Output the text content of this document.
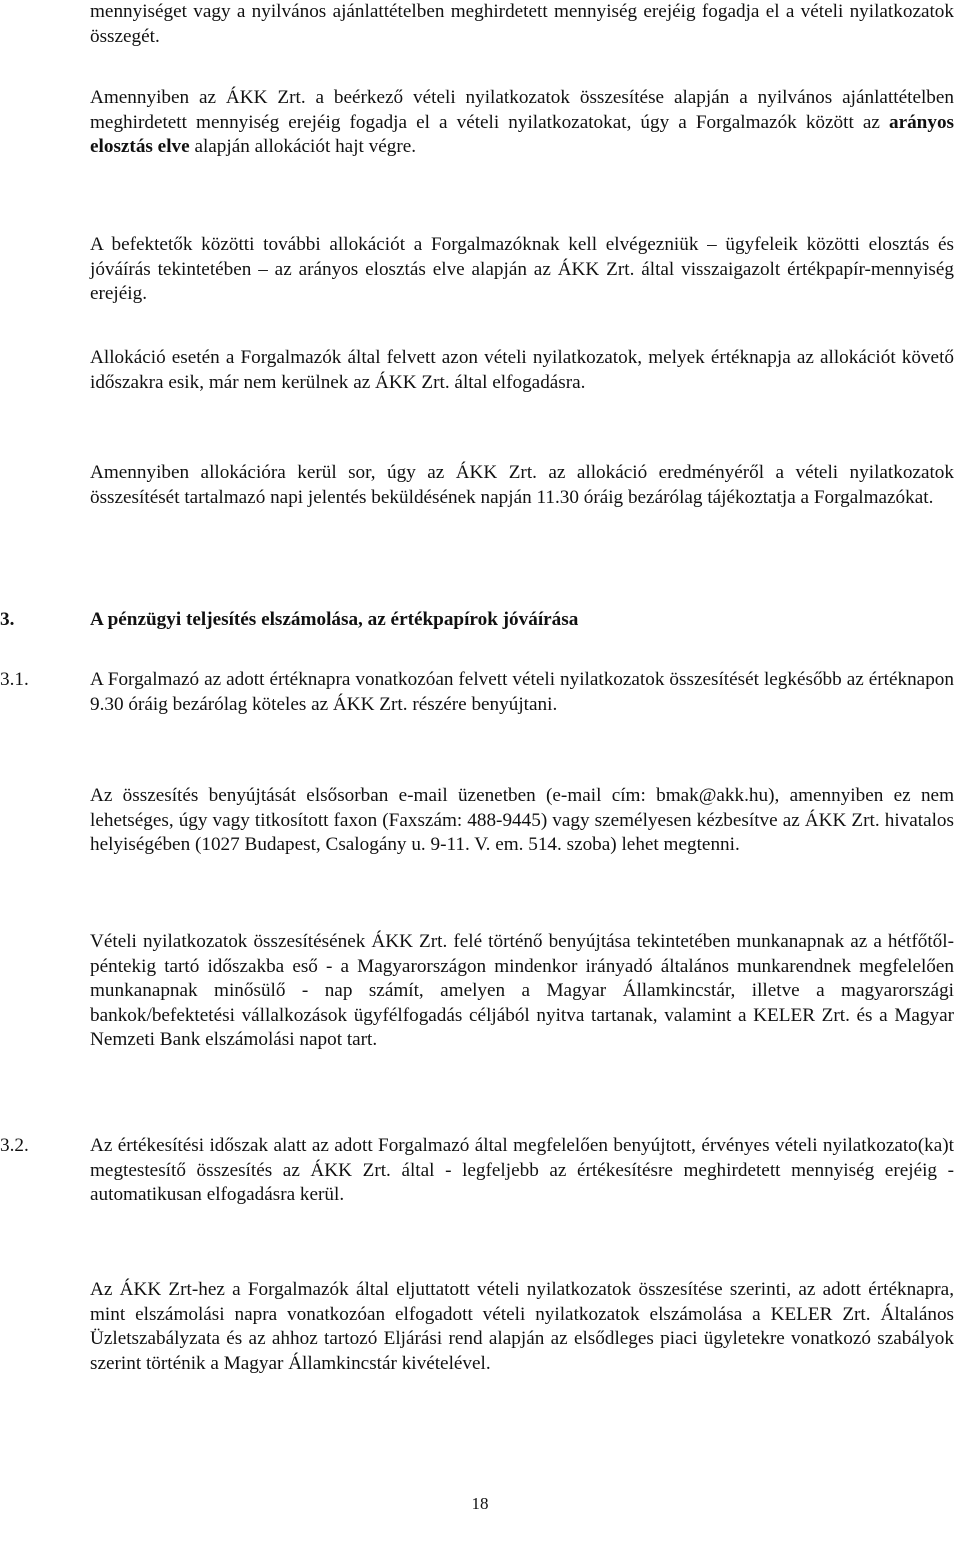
mennyiséget vagy a nyilvános ajánlattételben meghirdetett mennyiség erejéig fogadja el a vételi nyilatkozatok összegét.

Amennyiben az ÁKK Zrt. a beérkező vételi nyilatkozatok összesítése alapján a nyilvános ajánlattételben meghirdetett mennyiség erejéig fogadja el a vételi nyilatkozatokat, úgy a Forgalmazók között az arányos elosztás elve alapján allokációt hajt végre.

A befektetők közötti további allokációt a Forgalmazóknak kell elvégezniük – ügyfeleik közötti elosztás és jóváírás tekintetében – az arányos elosztás elve alapján az ÁKK Zrt. által visszaigazolt értékpapír-mennyiség erejéig.

Allokáció esetén a Forgalmazók által felvett azon vételi nyilatkozatok, melyek értéknapja az allokációt követő időszakra esik, már nem kerülnek az ÁKK Zrt. által elfogadásra.

Amennyiben allokációra kerül sor, úgy az ÁKK Zrt. az allokáció eredményéről a vételi nyilatkozatok összesítését tartalmazó napi jelentés beküldésének napján 11.30 óráig bezárólag tájékoztatja a Forgalmazókat.

3.	A pénzügyi teljesítés elszámolása, az értékpapírok jóváírása

3.1.	A Forgalmazó az adott értéknapra vonatkozóan felvett vételi nyilatkozatok összesítését legkésőbb az értéknapon 9.30 óráig bezárólag köteles az ÁKK Zrt. részére benyújtani.

Az összesítés benyújtását elsősorban e-mail üzenetben (e-mail cím: bmak@akk.hu), amennyiben ez nem lehetséges, úgy vagy titkosított faxon (Faxszám: 488-9445) vagy személyesen kézbesítve az ÁKK Zrt. hivatalos helyiségében (1027 Budapest, Csalogány u. 9-11. V. em. 514. szoba) lehet megtenni.

Vételi nyilatkozatok összesítésének ÁKK Zrt. felé történő benyújtása tekintetében munkanapnak az a hétfőtől-péntekig tartó időszakba eső - a Magyarországon mindenkor irányadó általános munkarendnek megfelelően munkanapnak minősülő - nap számít, amelyen a Magyar Államkincstár, illetve a magyarországi bankok/befektetési vállalkozások ügyfélfogadás céljából nyitva tartanak, valamint a KELER Zrt. és a Magyar Nemzeti Bank elszámolási napot tart.

3.2.	Az értékesítési időszak alatt az adott Forgalmazó által megfelelően benyújtott, érvényes vételi nyilatkozato(ka)t megtestesítő összesítés az ÁKK Zrt. által - legfeljebb az értékesítésre meghirdetett mennyiség erejéig - automatikusan elfogadásra kerül.

Az ÁKK Zrt-hez a Forgalmazók által eljuttatott vételi nyilatkozatok összesítése szerinti, az adott értéknapra, mint elszámolási napra vonatkozóan elfogadott vételi nyilatkozatok elszámolása a KELER Zrt. Általános Üzletszabályzata és az ahhoz tartozó Eljárási rend alapján az elsődleges piaci ügyletekre vonatkozó szabályok szerint történik a Magyar Államkincstár kivételével.

18
